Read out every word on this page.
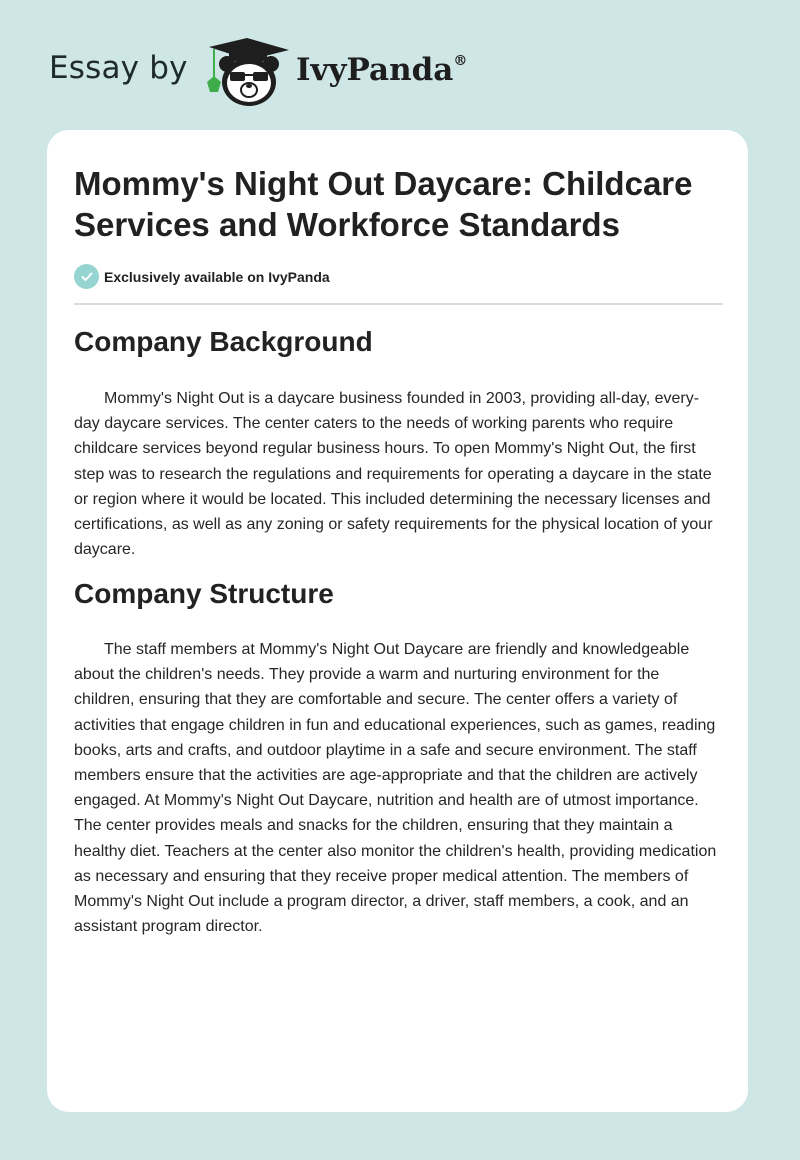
Essay by	IvyPanda®
Mommy's Night Out Daycare: Childcare Services and Workforce Standards
Exclusively available on IvyPanda
Company Background

Mommy's Night Out is a daycare business founded in 2003, providing all-day, every-day daycare services. The center caters to the needs of working parents who require childcare services beyond regular business hours. To open Mommy's Night Out, the first step was to research the regulations and requirements for operating a daycare in the state or region where it would be located. This included determining the necessary licenses and certifications, as well as any zoning or safety requirements for the physical location of your daycare.

Company Structure

The staff members at Mommy's Night Out Daycare are friendly and knowledgeable about the children's needs. They provide a warm and nurturing environment for the children, ensuring that they are comfortable and secure. The center offers a variety of activities that engage children in fun and educational experiences, such as games, reading books, arts and crafts, and outdoor playtime in a safe and secure environment. The staff members ensure that the activities are age-appropriate and that the children are actively engaged. At Mommy's Night Out Daycare, nutrition and health are of utmost importance. The center provides meals and snacks for the children, ensuring that they maintain a healthy diet. Teachers at the center also monitor the children's health, providing medication as necessary and ensuring that they receive proper medical attention. The members of Mommy's Night Out include a program director, a driver, staff members, a cook, and an assistant program director.
